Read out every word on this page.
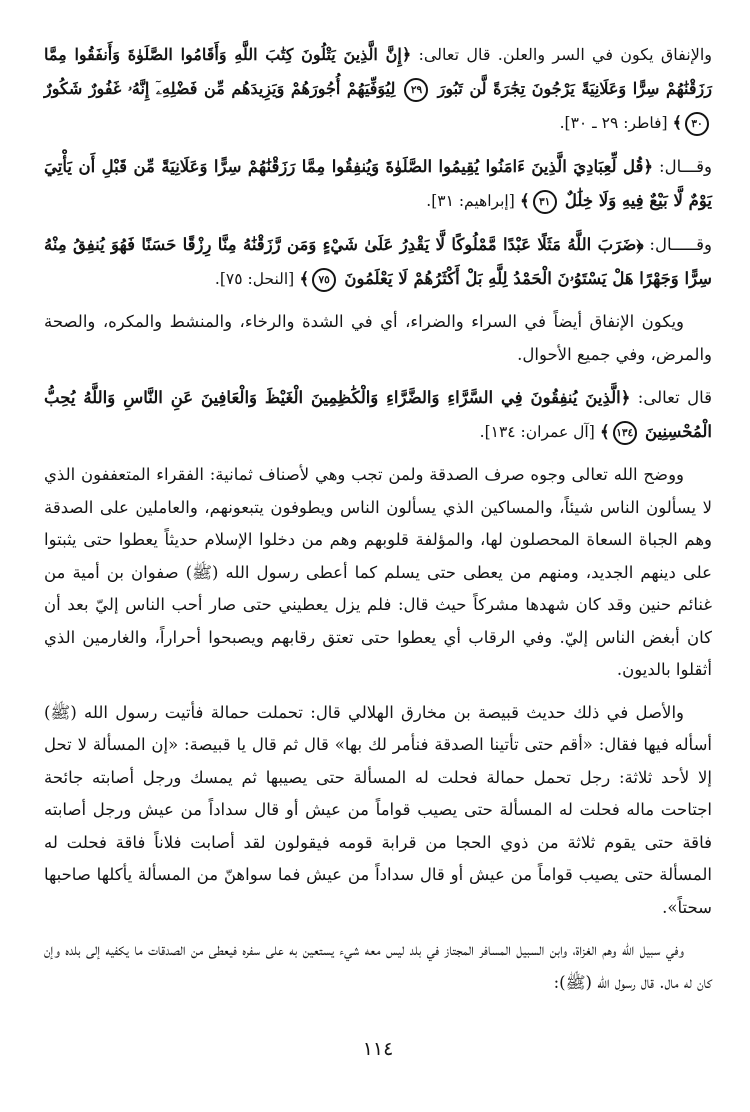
والإنفاق يكون في السر والعلن. قال تعالى: ﴿إِنَّ الَّذِينَ يَتْلُونَ كِتَٰبَ اللَّهِ وَأَقَامُوا الصَّلَوٰةَ وَأَنفَقُوا مِمَّا رَزَقْنَٰهُمْ سِرًّا وَعَلَانِيَةً يَرْجُونَ تِجَٰرَةً لَّن تَبُورَ ٢٩ لِيُوَفِّيَهُمْ أُجُورَهُمْ وَيَزِيدَهُم مِّن فَضْلِهِۦٓ إِنَّهُۥ غَفُورٌ شَكُورٌ ٣٠﴾ [فاطر: ٢٩ ـ ٣٠].

وقـــال: ﴿قُل لِّعِبَادِيَ الَّذِينَ ءَامَنُوا يُقِيمُوا الصَّلَوٰةَ وَيُنفِقُوا مِمَّا رَزَقْنَٰهُمْ سِرًّا وَعَلَانِيَةً مِّن قَبْلِ أَن يَأْتِيَ يَوْمٌ لَّا بَيْعٌ فِيهِ وَلَا خِلَٰلٌ ٣١﴾ [إبراهيم: ٣١].

وقـــــال: ﴿ضَرَبَ اللَّهُ مَثَلًا عَبْدًا مَّمْلُوكًا لَّا يَقْدِرُ عَلَىٰ شَيْءٍ وَمَن رَّزَقْنَٰهُ مِنَّا رِزْقًا حَسَنًا فَهُوَ يُنفِقُ مِنْهُ سِرًّا وَجَهْرًا هَلْ يَسْتَوُۥنَ الْحَمْدُ لِلَّهِ بَلْ أَكْثَرُهُمْ لَا يَعْلَمُونَ ٧٥﴾ [النحل: ٧٥].

ويكون الإنفاق أيضاً في السراء والضراء، أي في الشدة والرخاء، والمنشط والمكره، والصحة والمرض، وفي جميع الأحوال.

قال تعالى: ﴿الَّذِينَ يُنفِقُونَ فِي السَّرَّاءِ وَالضَّرَّاءِ وَالْكَٰظِمِينَ الْغَيْظَ وَالْعَافِينَ عَنِ النَّاسِ وَاللَّهُ يُحِبُّ الْمُحْسِنِينَ ١٣٤﴾ [آل عمران: ١٣٤].

ووضح الله تعالى وجوه صرف الصدقة ولمن تجب وهي لأصناف ثمانية: الفقراء المتعففون الذي لا يسألون الناس شيئاً، والمساكين الذي يسألون الناس ويطوفون يتبعونهم، والعاملين على الصدقة وهم الجباة السعاة المحصلون لها، والمؤلفة قلوبهم وهم من دخلوا الإسلام حديثاً يعطوا حتى يثبتوا على دينهم الجديد، ومنهم من يعطى حتى يسلم كما أعطى رسول الله (ﷺ) صفوان بن أمية من غنائم حنين وقد كان شهدها مشركاً حيث قال: فلم يزل يعطيني حتى صار أحب الناس إليّ بعد أن كان أبغض الناس إليّ. وفي الرقاب أي يعطوا حتى تعتق رقابهم ويصبحوا أحراراً، والغارمين الذي أثقلوا بالديون.

والأصل في ذلك حديث قبيصة بن مخارق الهلالي قال: تحملت حمالة فأتيت رسول الله (ﷺ) أسأله فيها فقال: «أقم حتى تأتينا الصدقة فنأمر لك بها» قال ثم قال يا قبيصة: «إن المسألة لا تحل إلا لأحد ثلاثة: رجل تحمل حمالة فحلت له المسألة حتى يصيبها ثم يمسك ورجل أصابته جائحة اجتاحت ماله فحلت له المسألة حتى يصيب قواماً من عيش أو قال سداداً من عيش ورجل أصابته فاقة حتى يقوم ثلاثة من ذوي الحجا من قرابة قومه فيقولون لقد أصابت فلاناً فاقة فحلت له المسألة حتى يصيب قواماً من عيش أو قال سداداً من عيش فما سواهنّ من المسألة يأكلها صاحبها سحتاً».

وفي سبيل الله وهم الغزاة، وابن السبيل المسافر المجتاز في بلد ليس معه شيء يستعين به على سفره فيعطى من الصدقات ما يكفيه إلى بلده وإن كان له مال. قال رسول الله (ﷺ):

١١٤
